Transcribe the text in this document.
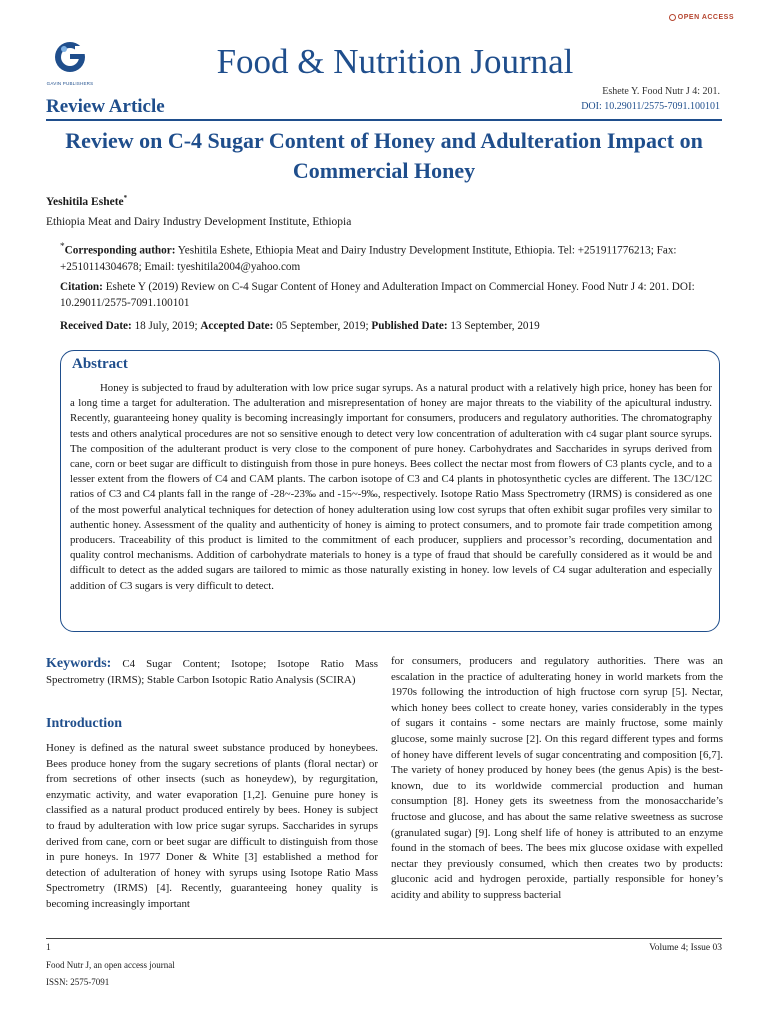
OPEN ACCESS
GAVIN PUBLISHERS
Food & Nutrition Journal
Eshete Y. Food Nutr J 4: 201.
DOI: 10.29011/2575-7091.100101
Review Article
Review on C-4 Sugar Content of Honey and Adulteration Impact on Commercial Honey
Yeshitila Eshete*
Ethiopia Meat and Dairy Industry Development Institute, Ethiopia
*Corresponding author: Yeshitila Eshete, Ethiopia Meat and Dairy Industry Development Institute, Ethiopia. Tel: +251911776213; Fax: +2510114304678; Email: tyeshitila2004@yahoo.com
Citation: Eshete Y (2019) Review on C-4 Sugar Content of Honey and Adulteration Impact on Commercial Honey. Food Nutr J 4: 201. DOI: 10.29011/2575-7091.100101
Received Date: 18 July, 2019; Accepted Date: 05 September, 2019; Published Date: 13 September, 2019
Abstract
Honey is subjected to fraud by adulteration with low price sugar syrups. As a natural product with a relatively high price, honey has been for a long time a target for adulteration. The adulteration and misrepresentation of honey are major threats to the viability of the apicultural industry. Recently, guaranteeing honey quality is becoming increasingly important for consumers, producers and regulatory authorities. The chromatography tests and others analytical procedures are not so sensitive enough to detect very low concentration of adulteration with c4 sugar plant source syrups. The composition of the adulterant product is very close to the component of pure honey. Carbohydrates and Saccharides in syrups derived from cane, corn or beet sugar are difficult to distinguish from those in pure honeys. Bees collect the nectar most from flowers of C3 plants cycle, and to a lesser extent from the flowers of C4 and CAM plants. The carbon isotope of C3 and C4 plants in photosynthetic cycles are different. The 13C/12C ratios of C3 and C4 plants fall in the range of -28~-23‰ and -15~-9‰, respectively. Isotope Ratio Mass Spectrometry (IRMS) is considered as one of the most powerful analytical techniques for detection of honey adulteration using low cost syrups that often exhibit sugar profiles very similar to authentic honey. Assessment of the quality and authenticity of honey is aiming to protect consumers, and to promote fair trade competition among producers. Traceability of this product is limited to the commitment of each producer, suppliers and processor’s recording, documentation and quality control mechanisms. Addition of carbohydrate materials to honey is a type of fraud that should be carefully considered as it would be and difficult to detect as the added sugars are tailored to mimic as those naturally existing in honey. low levels of C4 sugar adulteration and especially addition of C3 sugars is very difficult to detect.
Keywords: C4 Sugar Content; Isotope; Isotope Ratio Mass Spectrometry (IRMS); Stable Carbon Isotopic Ratio Analysis (SCIRA)
Introduction
Honey is defined as the natural sweet substance produced by honeybees. Bees produce honey from the sugary secretions of plants (floral nectar) or from secretions of other insects (such as honeydew), by regurgitation, enzymatic activity, and water evaporation [1,2]. Genuine pure honey is classified as a natural product produced entirely by bees. Honey is subject to fraud by adulteration with low price sugar syrups. Saccharides in syrups derived from cane, corn or beet sugar are difficult to distinguish from those in pure honeys. In 1977 Doner & White [3] established a method for detection of adulteration of honey with syrups using Isotope Ratio Mass Spectrometry (IRMS) [4]. Recently, guaranteeing honey quality is becoming increasingly important
for consumers, producers and regulatory authorities. There was an escalation in the practice of adulterating honey in world markets from the 1970s following the introduction of high fructose corn syrup [5]. Nectar, which honey bees collect to create honey, varies considerably in the types of sugars it contains - some nectars are mainly fructose, some mainly glucose, some mainly sucrose [2]. On this regard different types and forms of honey have different levels of sugar concentrating and composition [6,7]. The variety of honey produced by honey bees (the genus Apis) is the best-known, due to its worldwide commercial production and human consumption [8]. Honey gets its sweetness from the monosaccharide’s fructose and glucose, and has about the same relative sweetness as sucrose (granulated sugar) [9]. Long shelf life of honey is attributed to an enzyme found in the stomach of bees. The bees mix glucose oxidase with expelled nectar they previously consumed, which then creates two by products: gluconic acid and hydrogen peroxide, partially responsible for honey’s acidity and ability to suppress bacterial
1
Food Nutr J, an open access journal
ISSN: 2575-7091
Volume 4; Issue 03
